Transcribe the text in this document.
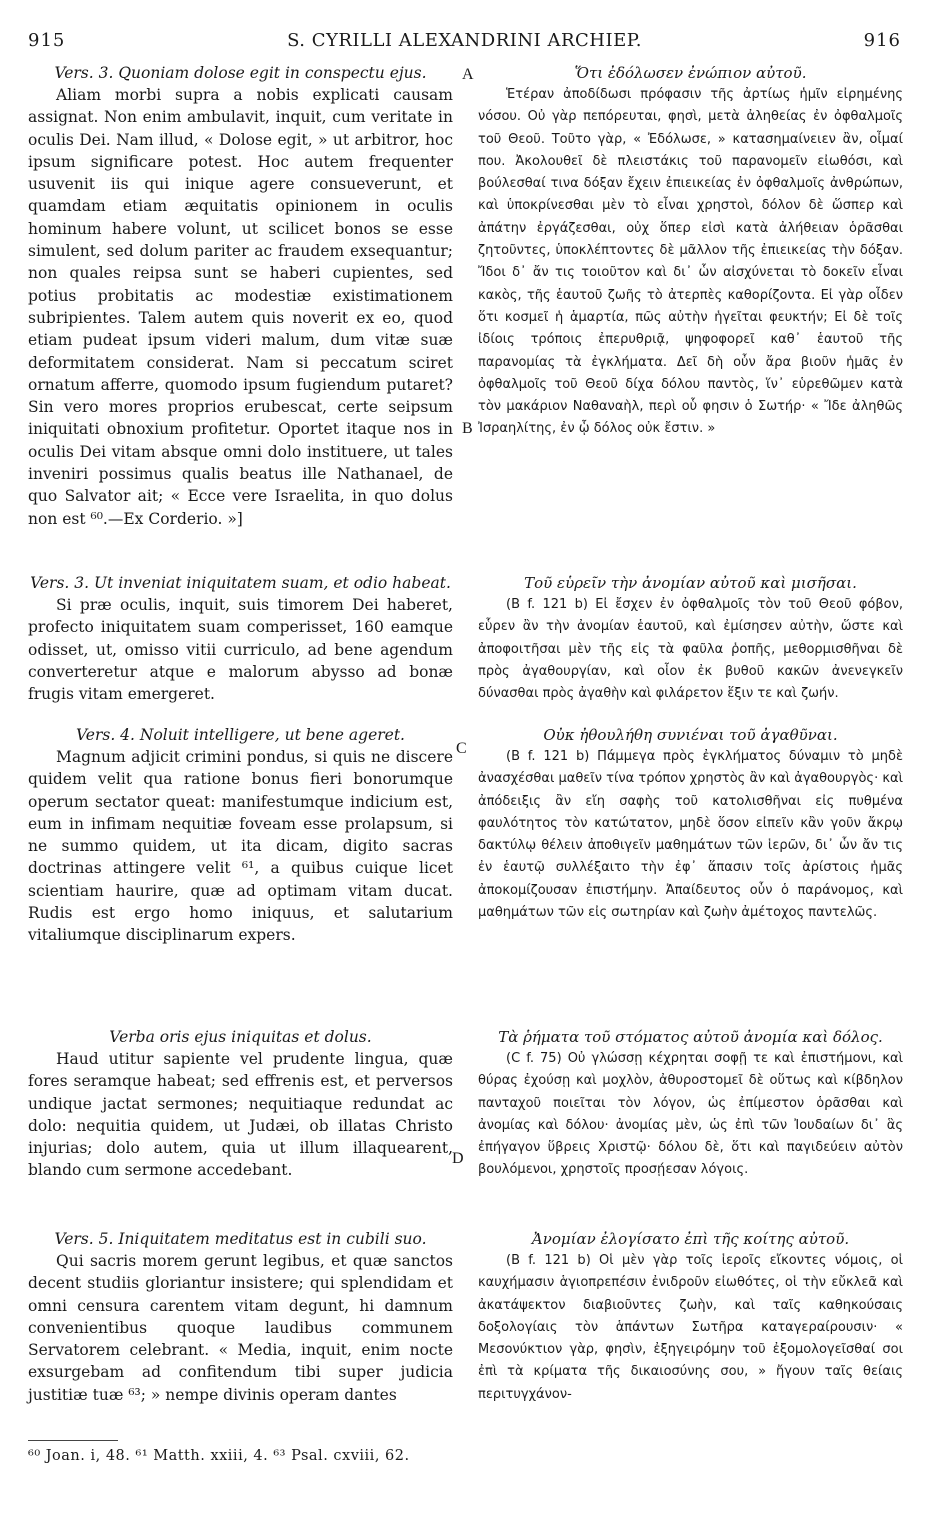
915	S. CYRILLI ALEXANDRINI ARCHIEP.	916
A
B
C
D
Vers. 3. Quoniam dolose egit in conspectu ejus.

Aliam morbi supra a nobis explicati causam assignat. Non enim ambulavit, inquit, cum veritate in oculis Dei. Nam illud, « Dolose egit, » ut arbitror, hoc ipsum significare potest. Hoc autem frequenter usuvenit iis qui inique agere consueverunt, et quamdam etiam æquitatis opinionem in oculis hominum habere volunt, ut scilicet bonos se esse simulent, sed dolum pariter ac fraudem exsequantur; non quales reipsa sunt se haberi cupientes, sed potius probitatis ac modestiæ existimationem subripientes. Talem autem quis noverit ex eo, quod etiam pudeat ipsum videri malum, dum vitæ suæ deformitatem considerat. Nam si peccatum sciret ornatum afferre, quomodo ipsum fugiendum putaret? Sin vero mores proprios erubescat, certe seipsum iniquitati obnoxium profitetur. Oportet itaque nos in oculis Dei vitam absque omni dolo instituere, ut tales inveniri possimus qualis beatus ille Nathanael, de quo Salvator ait; « Ecce vere Israelita, in quo dolus non est ⁶⁰.—Ex Corderio. »]

Vers. 3. Ut inveniat iniquitatem suam, et odio habeat.

Si præ oculis, inquit, suis timorem Dei haberet, profecto iniquitatem suam comperisset, 160 eamque odisset, ut, omisso vitii curriculo, ad bene agendum converteretur atque e malorum abysso ad bonæ frugis vitam emergeret.

Vers. 4. Noluit intelligere, ut bene ageret.

Magnum adjicit crimini pondus, si quis ne discere quidem velit qua ratione bonus fieri bonorumque operum sectator queat: manifestumque indicium est, eum in infimam nequitiæ foveam esse prolapsum, si ne summo quidem, ut ita dicam, digito sacras doctrinas attingere velit ⁶¹, a quibus cuique licet scientiam haurire, quæ ad optimam vitam ducat. Rudis est ergo homo iniquus, et salutarium vitaliumque disciplinarum expers.

Verba oris ejus iniquitas et dolus.

Haud utitur sapiente vel prudente lingua, quæ fores seramque habeat; sed effrenis est, et perversos undique jactat sermones; nequitiaque redundat ac dolo: nequitia quidem, ut Judæi, ob illatas Christo injurias; dolo autem, quia ut illum illaquearent, blando cum sermone accedebant.

Vers. 5. Iniquitatem meditatus est in cubili suo.

Qui sacris morem gerunt legibus, et quæ sanctos decent studiis gloriantur insistere; qui splendidam et omni censura carentem vitam degunt, hi damnum convenientibus quoque laudibus communem Servatorem celebrant. « Media, inquit, enim nocte exsurgebam ad confitendum tibi super judicia justitiæ tuæ ⁶³; » nempe divinis operam dantes

Ὅτι ἐδόλωσεν ἐνώπιον αὐτοῦ.

Ἑτέραν ἀποδίδωσι πρόφασιν τῆς ἀρτίως ἡμῖν εἰρημένης νόσου. Οὐ γὰρ πεπόρευται, φησὶ, μετὰ ἀληθείας ἐν ὀφθαλμοῖς τοῦ Θεοῦ. Τοῦτο γὰρ, « Ἐδόλωσε, » κατασημαίνειεν ἂν, οἶμαί που. Ἀκολουθεῖ δὲ πλειστάκις τοῦ παρανομεῖν εἰωθόσι, καὶ βούλεσθαί τινα δόξαν ἔχειν ἐπιεικείας ἐν ὀφθαλμοῖς ἀνθρώπων, καὶ ὑποκρίνεσθαι μὲν τὸ εἶναι χρηστοὶ, δόλον δὲ ὥσπερ καὶ ἀπάτην ἐργάζεσθαι, οὐχ ὅπερ εἰσὶ κατὰ ἀλήθειαν ὁρᾶσθαι ζητοῦντες, ὑποκλέπτοντες δὲ μᾶλλον τῆς ἐπιεικείας τὴν δόξαν. Ἴδοι δ᾽ ἄν τις τοιοῦτον καὶ δι᾽ ὧν αἰσχύνεται τὸ δοκεῖν εἶναι κακὸς, τῆς ἑαυτοῦ ζωῆς τὸ ἀτερπὲς καθορίζοντα. Εἰ γὰρ οἶδεν ὅτι κοσμεῖ ἡ ἁμαρτία, πῶς αὐτὴν ἡγεῖται φευκτήν; Εἰ δὲ τοῖς ἰδίοις τρόποις ἐπερυθριᾷ, ψηφοφορεῖ καθ᾽ ἑαυτοῦ τῆς παρανομίας τὰ ἐγκλήματα. Δεῖ δὴ οὖν ἄρα βιοῦν ἡμᾶς ἐν ὀφθαλμοῖς τοῦ Θεοῦ δίχα δόλου παντὸς, ἵν᾽ εὑρεθῶμεν κατὰ τὸν μακάριον Ναθαναὴλ, περὶ οὗ φησιν ὁ Σωτήρ· « Ἴδε ἀληθῶς Ἰσραηλίτης, ἐν ᾧ δόλος οὐκ ἔστιν. »

Τοῦ εὑρεῖν τὴν ἀνομίαν αὐτοῦ καὶ μισῆσαι.

(B f. 121 b) Εἰ ἔσχεν ἐν ὀφθαλμοῖς τὸν τοῦ Θεοῦ φόβον, εὗρεν ἂν τὴν ἀνομίαν ἑαυτοῦ, καὶ ἐμίσησεν αὐτὴν, ὥστε καὶ ἀποφοιτῆσαι μὲν τῆς εἰς τὰ φαῦλα ῥοπῆς, μεθορμισθῆναι δὲ πρὸς ἀγαθουργίαν, καὶ οἷον ἐκ βυθοῦ κακῶν ἀνενεγκεῖν δύνασθαι πρὸς ἀγαθὴν καὶ φιλάρετον ἕξιν τε καὶ ζωήν.

Οὐκ ἠθουλήθη συνιέναι τοῦ ἀγαθῦναι.

(B f. 121 b) Πάμμεγα πρὸς ἐγκλήματος δύναμιν τὸ μηδὲ ἀνασχέσθαι μαθεῖν τίνα τρόπον χρηστὸς ἂν καὶ ἀγαθουργὸς· καὶ ἀπόδειξις ἂν εἴη σαφὴς τοῦ κατολισθῆναι εἰς πυθμένα φαυλότητος τὸν κατώτατον, μηδὲ ὅσον εἰπεῖν κἂν γοῦν ἄκρῳ δακτύλῳ θέλειν ἀποθιγεῖν μαθημάτων τῶν ἱερῶν, δι᾽ ὧν ἄν τις ἐν ἑαυτῷ συλλέξαιτο τὴν ἐφ᾽ ἅπασιν τοῖς ἀρίστοις ἡμᾶς ἀποκομίζουσαν ἐπιστήμην. Ἀπαίδευτος οὖν ὁ παράνομος, καὶ μαθημάτων τῶν εἰς σωτηρίαν καὶ ζωὴν ἀμέτοχος παντελῶς.

Τὰ ῥήματα τοῦ στόματος αὐτοῦ ἀνομία καὶ δόλος.

(C f. 75) Οὐ γλώσσῃ κέχρηται σοφῇ τε καὶ ἐπιστήμονι, καὶ θύρας ἐχούσῃ καὶ μοχλὸν, ἀθυροστομεῖ δὲ οὕτως καὶ κίβδηλον πανταχοῦ ποιεῖται τὸν λόγον, ὡς ἐπίμεστον ὁρᾶσθαι καὶ ἀνομίας καὶ δόλου· ἀνομίας μὲν, ὡς ἐπὶ τῶν Ἰουδαίων δι᾽ ἃς ἐπήγαγον ὕβρεις Χριστῷ· δόλου δὲ, ὅτι καὶ παγιδεύειν αὐτὸν βουλόμενοι, χρηστοῖς προσῄεσαν λόγοις.

Ἀνομίαν ἐλογίσατο ἐπὶ τῆς κοίτης αὐτοῦ.

(B f. 121 b) Οἱ μὲν γὰρ τοῖς ἱεροῖς εἴκοντες νόμοις, οἱ καυχήμασιν ἁγιοπρεπέσιν ἐνιδροῦν εἰωθότες, οἱ τὴν εὔκλεᾶ καὶ ἀκατάψεκτον διαβιοῦντες ζωὴν, καὶ ταῖς καθηκούσαις δοξολογίαις τὸν ἁπάντων Σωτῆρα καταγεραίρουσιν· « Μεσονύκτιον γὰρ, φησὶν, ἐξηγειρόμην τοῦ ἐξομολογεῖσθαί σοι ἐπὶ τὰ κρίματα τῆς δικαιοσύνης σου, » ἤγουν ταῖς θείαις περιτυγχάνον-

⁶⁰ Joan. i, 48. ⁶¹ Matth. xxiii, 4. ⁶³ Psal. cxviii, 62.
